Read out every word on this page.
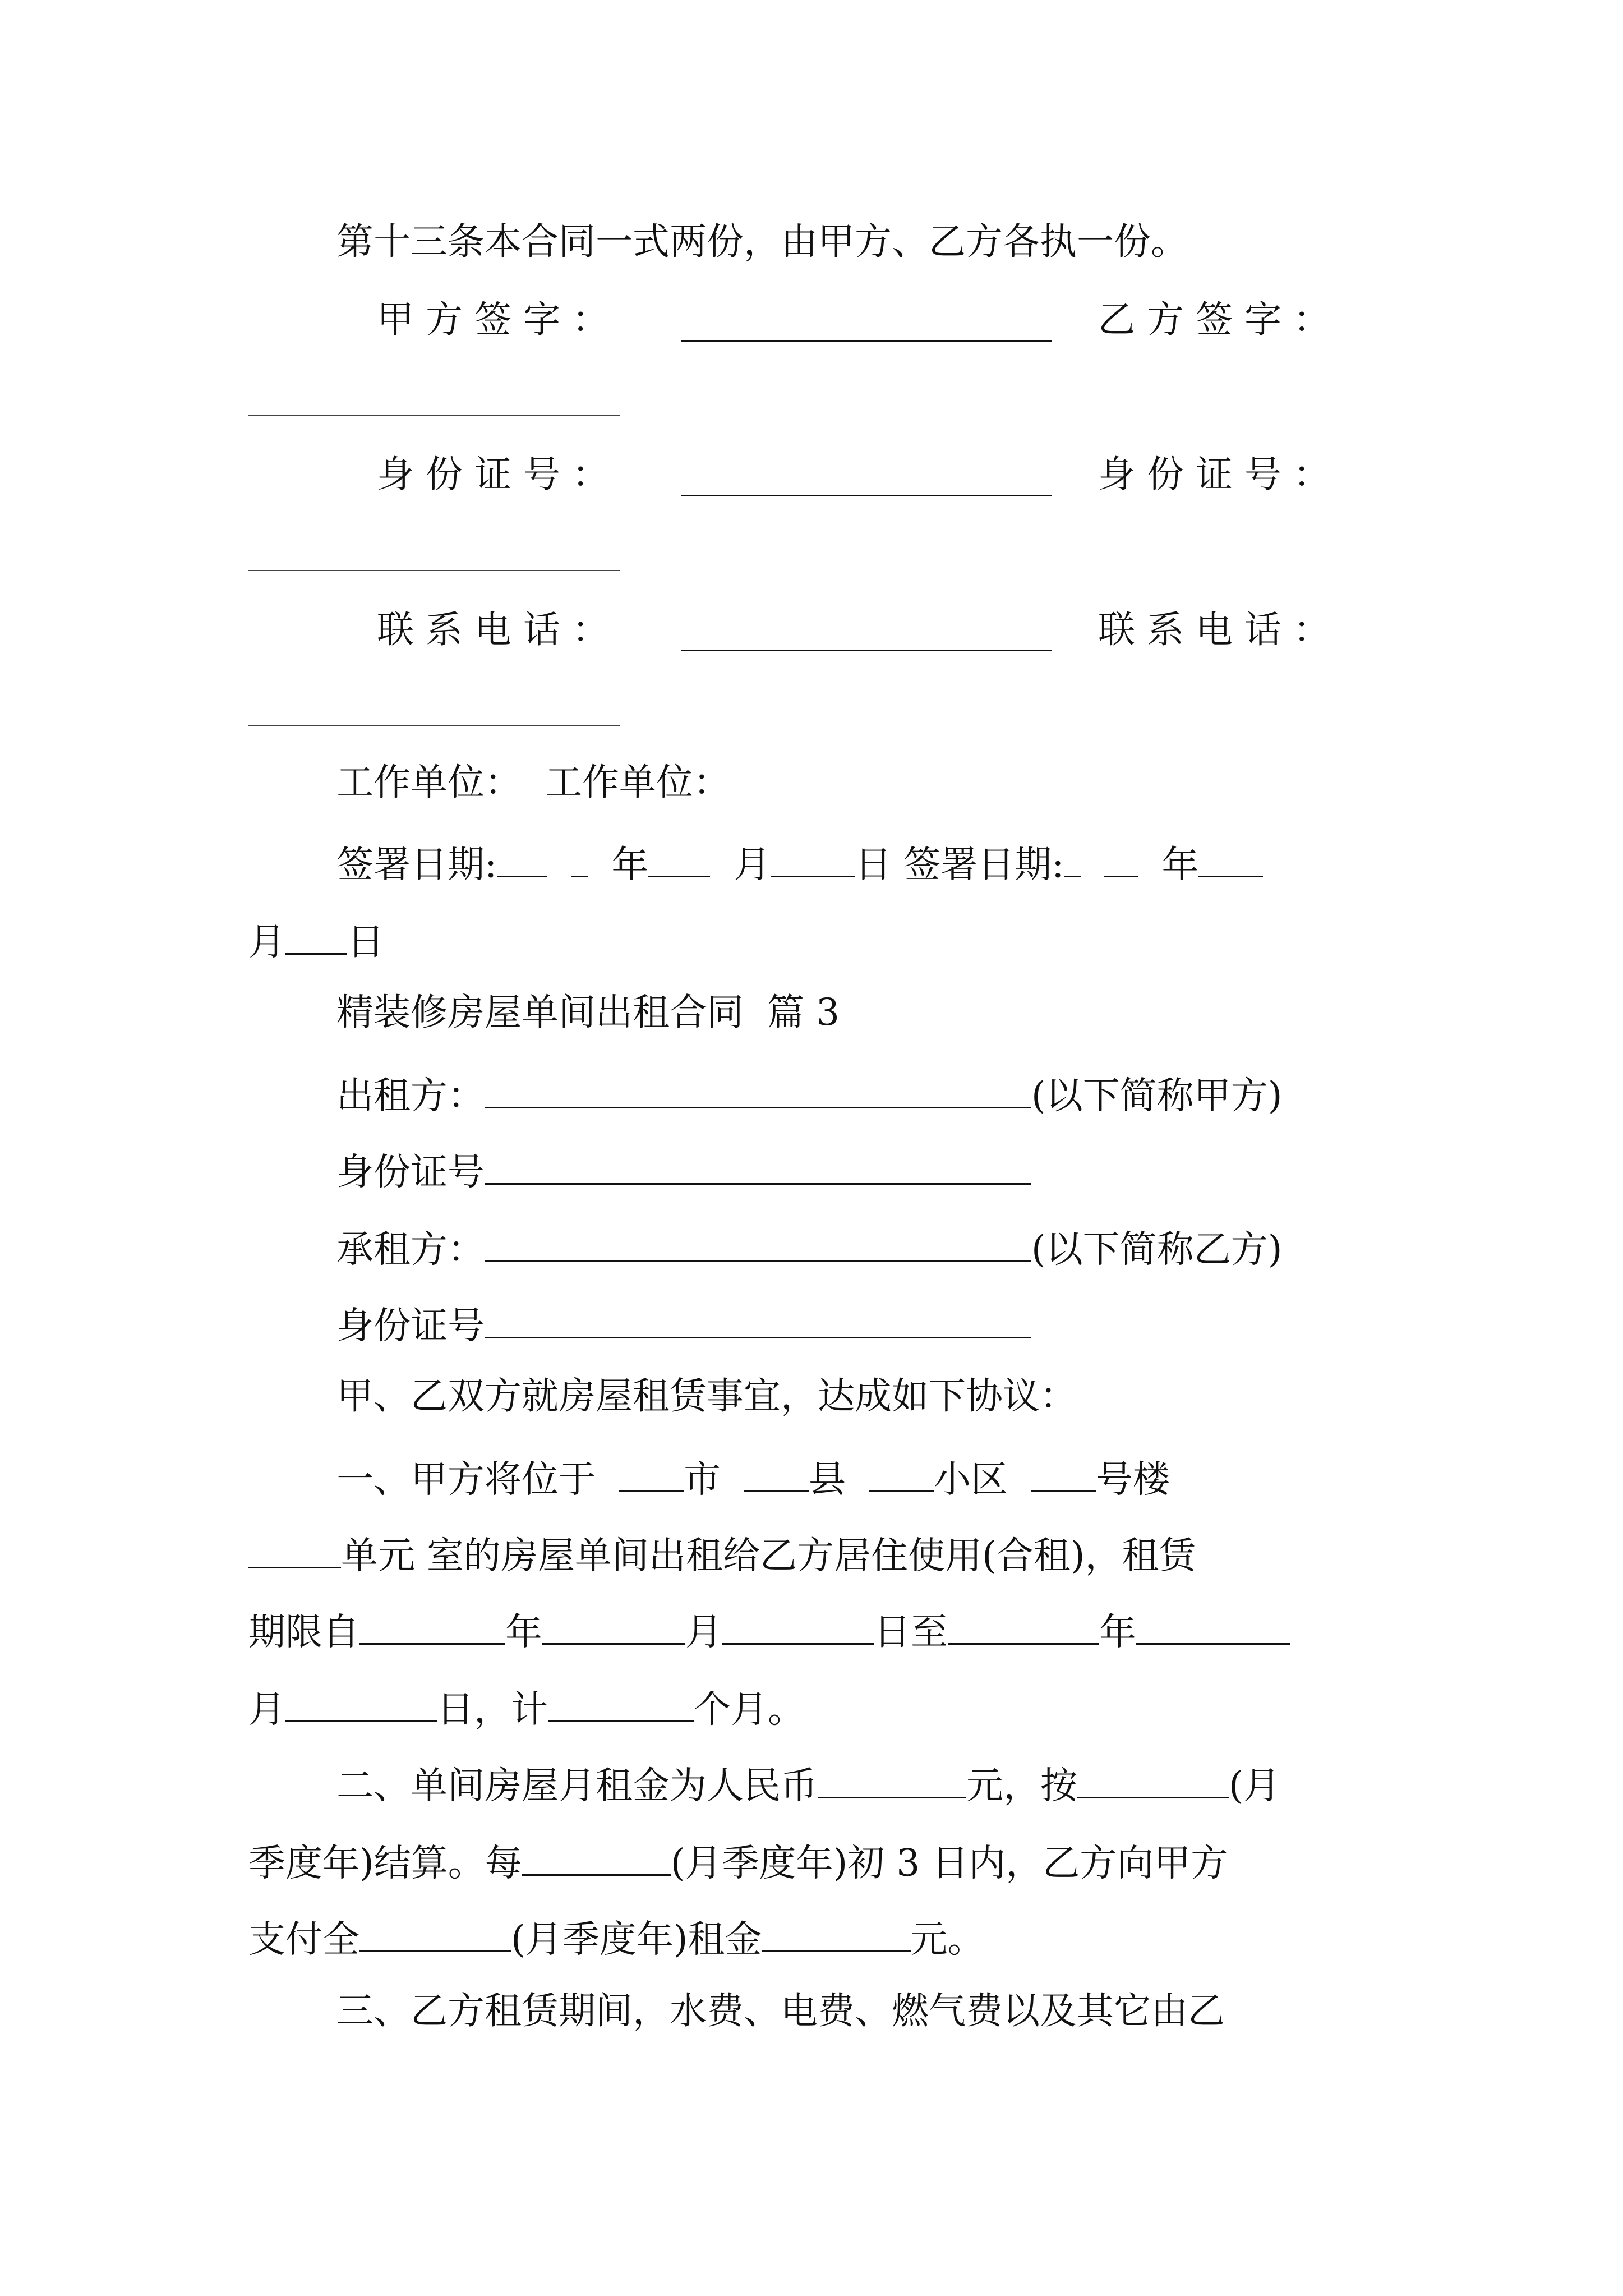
第十三条本合同一式两份，由甲方、乙方各执一份。
甲 方 签 字 ：	乙 方 签 字 ：
身 份 证 号 ：	身 份 证 号 ：
联 系 电 话 ：	联 系 电 话 ：
工作单位：  工作单位：
签署日期:	年 月 日 签署日期:	年
月 日
精装修房屋单间出租合同  篇 3
出租方：	(以下简称甲方)
身份证号
承租方：	(以下简称乙方)
身份证号
甲、乙双方就房屋租赁事宜，达成如下协议：
一、甲方将位于 市 县 小区 号楼
单元 室的房屋单间出租给乙方居住使用(合租)，租赁
期限自	年	月	日至	年
月	日，计	个月。
二、单间房屋月租金为人民币	元，按	(月
季度年)结算。每	(月季度年)初 3 日内，乙方向甲方
支付全	(月季度年)租金	元。
三、乙方租赁期间，水费、电费、燃气费以及其它由乙
